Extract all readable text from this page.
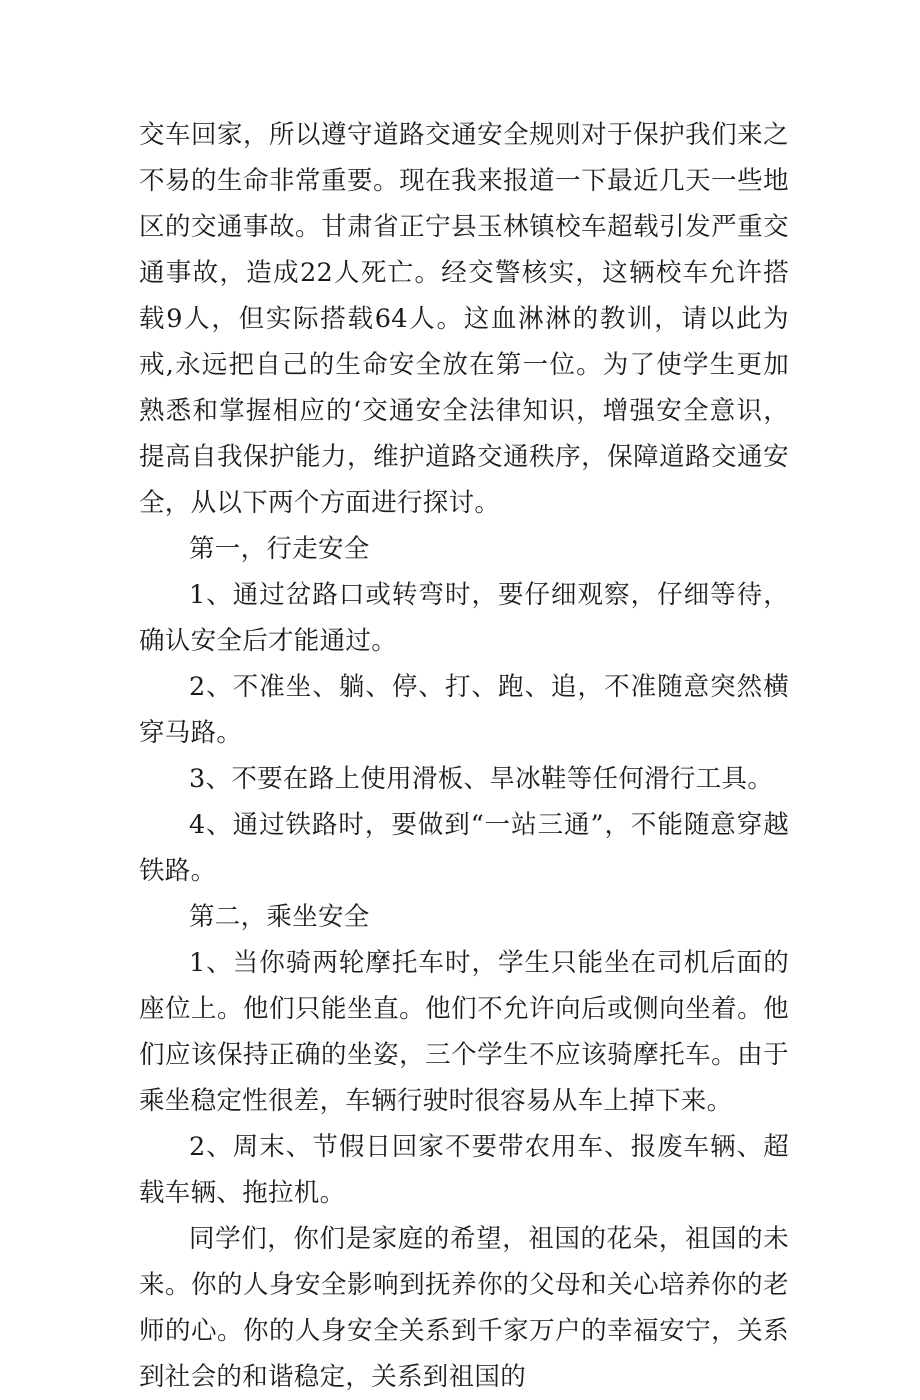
交车回家，所以遵守道路交通安全规则对于保护我们来之不易的生命非常重要。现在我来报道一下最近几天一些地区的交通事故。甘肃省正宁县玉林镇校车超载引发严重交通事故，造成22人死亡。经交警核实，这辆校车允许搭载9人，但实际搭载64人。这血淋淋的教训，请以此为戒,永远把自己的生命安全放在第一位。为了使学生更加熟悉和掌握相应的‘交通安全法律知识，增强安全意识，提高自我保护能力，维护道路交通秩序，保障道路交通安全，从以下两个方面进行探讨。

第一，行走安全

1、通过岔路口或转弯时，要仔细观察，仔细等待，确认安全后才能通过。

2、不准坐、躺、停、打、跑、追，不准随意突然横穿马路。

3、不要在路上使用滑板、旱冰鞋等任何滑行工具。

4、通过铁路时，要做到“一站三通”，不能随意穿越铁路。

第二，乘坐安全

1、当你骑两轮摩托车时，学生只能坐在司机后面的座位上。他们只能坐直。他们不允许向后或侧向坐着。他们应该保持正确的坐姿，三个学生不应该骑摩托车。由于乘坐稳定性很差，车辆行驶时很容易从车上掉下来。

2、周末、节假日回家不要带农用车、报废车辆、超载车辆、拖拉机。

同学们，你们是家庭的希望，祖国的花朵，祖国的未来。你的人身安全影响到抚养你的父母和关心培养你的老师的心。你的人身安全关系到千家万户的幸福安宁，关系到社会的和谐稳定，关系到祖国的
